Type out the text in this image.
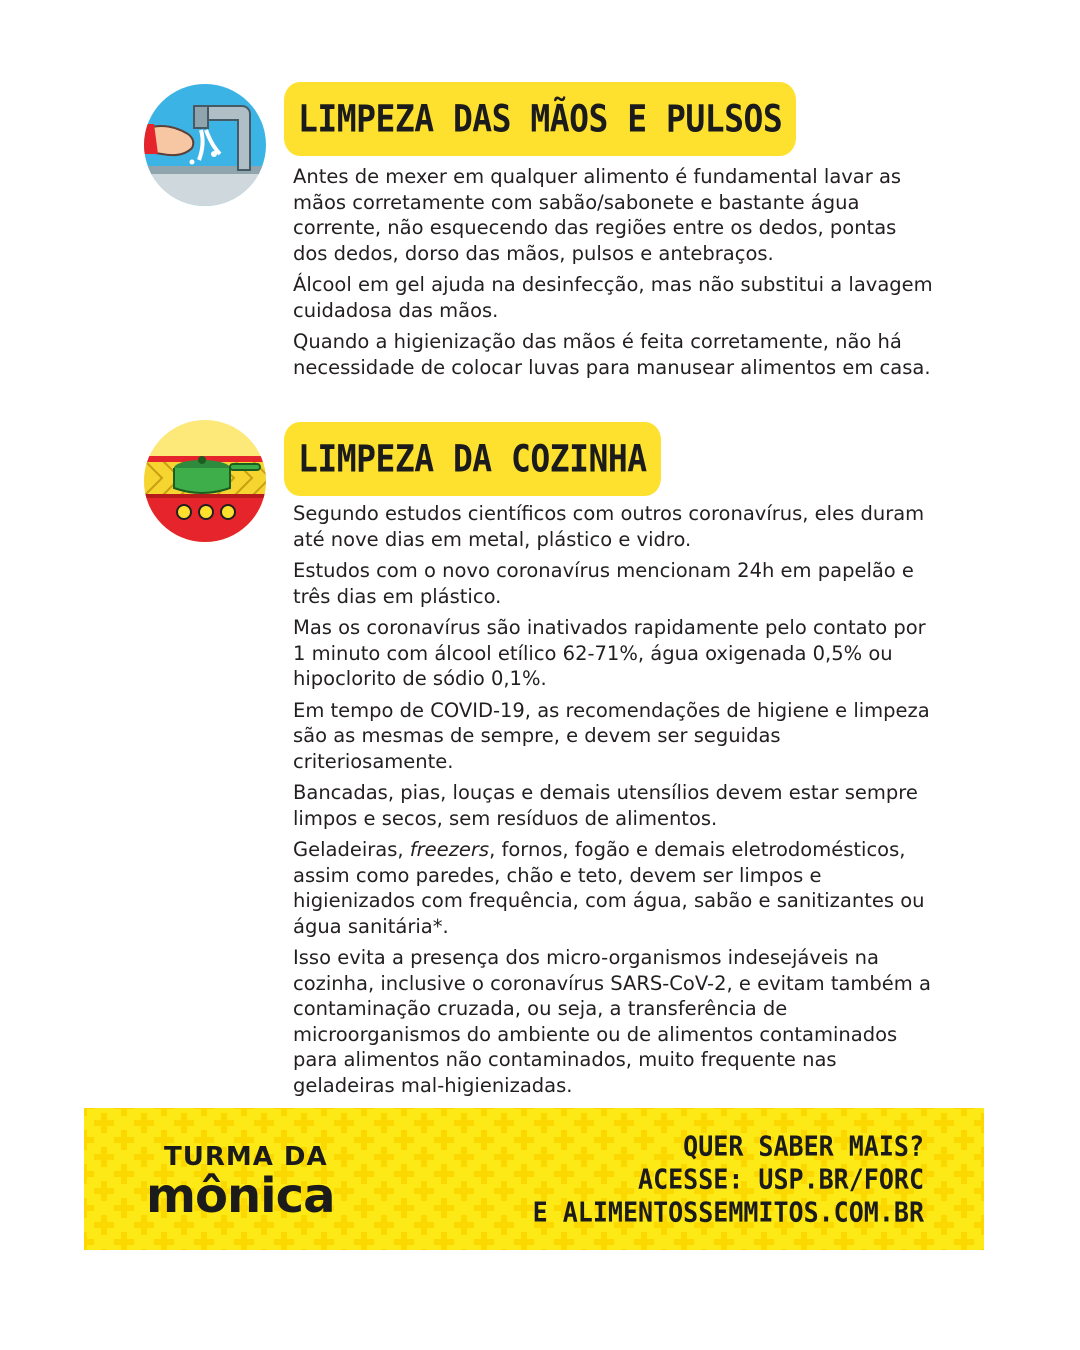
LIMPEZA DAS MÃOS E PULSOS

Antes de mexer em qualquer alimento é fundamental lavar as mãos corretamente com sabão/sabonete e bastante água corrente, não esquecendo das regiões entre os dedos, pontas dos dedos, dorso das mãos, pulsos e antebraços.

Álcool em gel ajuda na desinfecção, mas não substitui a lavagem cuidadosa das mãos.

Quando a higienização das mãos é feita corretamente, não há necessidade de colocar luvas para manusear alimentos em casa.

LIMPEZA DA COZINHA

Segundo estudos científicos com outros coronavírus, eles duram até nove dias em metal, plástico e vidro.

Estudos com o novo coronavírus mencionam 24h em papelão e três dias em plástico.

Mas os coronavírus são inativados rapidamente pelo contato por 1 minuto com álcool etílico 62-71%, água oxigenada 0,5% ou hipoclorito de sódio 0,1%.

Em tempo de COVID-19, as recomendações de higiene e limpeza são as mesmas de sempre, e devem ser seguidas criteriosamente.

Bancadas, pias, louças e demais utensílios devem estar sempre limpos e secos, sem resíduos de alimentos.

Geladeiras, freezers, fornos, fogão e demais eletrodomésticos, assim como paredes, chão e teto, devem ser limpos e higienizados com frequência, com água, sabão e sanitizantes ou água sanitária*.

Isso evita a presença dos micro-organismos indesejáveis na cozinha, inclusive o coronavírus SARS-CoV-2, e evitam também a contaminação cruzada, ou seja, a transferência de microorganismos do ambiente ou de alimentos contaminados para alimentos não contaminados, muito frequente nas geladeiras mal-higienizadas.

TURMA DA
mônica
QUER SABER MAIS?
ACESSE: USP.BR/FORC
E ALIMENTOSSEMMITOS.COM.BR
